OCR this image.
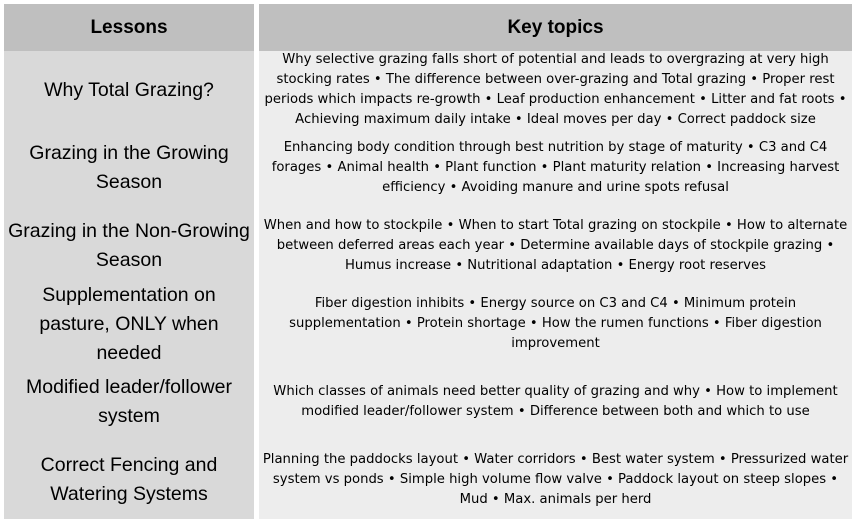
Lessons	Key topics
Why Total Grazing?
Why selective grazing falls short of potential and leads to overgrazing at very high stocking rates • The difference between over-grazing and Total grazing • Proper rest periods which impacts re-growth • Leaf production enhancement • Litter and fat roots • Achieving maximum daily intake • Ideal moves per day • Correct paddock size
Grazing in the Growing Season
Enhancing body condition through best nutrition by stage of maturity • C3 and C4 forages • Animal health • Plant function • Plant maturity relation • Increasing harvest efficiency • Avoiding manure and urine spots refusal
Grazing in the Non-Growing Season
When and how to stockpile • When to start Total grazing on stockpile • How to alternate between deferred areas each year • Determine available days of stockpile grazing • Humus increase • Nutritional adaptation • Energy root reserves
Supplementation on pasture, ONLY when needed
Fiber digestion inhibits • Energy source on C3 and C4 • Minimum protein supplementation • Protein shortage • How the rumen functions • Fiber digestion improvement
Modified leader/follower system
Which classes of animals need better quality of grazing and why • How to implement modified leader/follower system • Difference between both and which to use
Correct Fencing and Watering Systems
Planning the paddocks layout • Water corridors • Best water system • Pressurized water system vs ponds • Simple high volume flow valve • Paddock layout on steep slopes • Mud • Max. animals per herd
